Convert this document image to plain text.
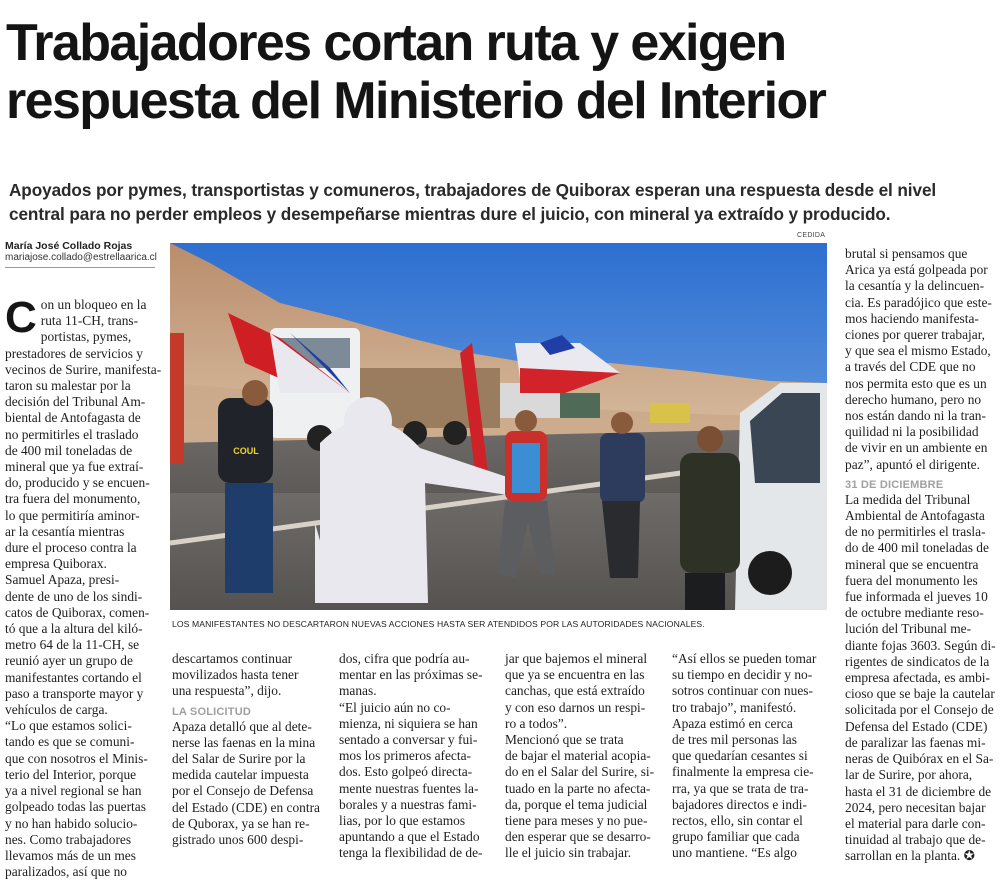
Trabajadores cortan ruta y exigen
respuesta del Ministerio del Interior
Apoyados por pymes, transportistas y comuneros, trabajadores de Quiborax esperan una respuesta desde el nivel
central para no perder empleos y desempeñarse mientras dure el juicio, con mineral ya extraído y producido.
María José Collado Rojas
mariajose.collado@estrellaarica.cl
CEDIDA
COUL
LOS MANIFESTANTES NO DESCARTARON NUEVAS ACCIONES HASTA SER ATENDIDOS POR LAS AUTORIDADES NACIONALES.
C on un bloqueo en la
ruta 11-CH, trans-
portistas, pymes,
prestadores de servicios y
vecinos de Surire, manifesta-
taron su malestar por la
decisión del Tribunal Am-
biental de Antofagasta de
no permitirles el traslado
de 400 mil toneladas de
mineral que ya fue extraí-
do, producido y se encuen-
tra fuera del monumento,
lo que permitiría aminor-
ar la cesantía mientras
dure el proceso contra la
empresa Quiborax.
Samuel Apaza, presi-
dente de uno de los sindi-
catos de Quiborax, comen-
tó que a la altura del kiló-
metro 64 de la 11-CH, se
reunió ayer un grupo de
manifestantes cortando el
paso a transporte mayor y
vehículos de carga.
“Lo que estamos solici-
tando es que se comuni-
que con nosotros el Minis-
terio del Interior, porque
ya a nivel regional se han
golpeado todas las puertas
y no han habido solucio-
nes. Como trabajadores
llevamos más de un mes
paralizados, así que no
descartamos continuar
movilizados hasta tener
una respuesta”, dijo.
LA SOLICITUD
Apaza detalló que al dete-
nerse las faenas en la mina
del Salar de Surire por la
medida cautelar impuesta
por el Consejo de Defensa
del Estado (CDE) en contra
de Quborax, ya se han re-
gistrado unos 600 despi-
dos, cifra que podría au-
mentar en las próximas se-
manas.
“El juicio aún no co-
mienza, ni siquiera se han
sentado a conversar y fui-
mos los primeros afecta-
dos. Esto golpeó directa-
mente nuestras fuentes la-
borales y a nuestras fami-
lias, por lo que estamos
apuntando a que el Estado
tenga la flexibilidad de de-
jar que bajemos el mineral
que ya se encuentra en las
canchas, que está extraído
y con eso darnos un respi-
ro a todos”.
Mencionó que se trata
de bajar el material acopia-
do en el Salar del Surire, si-
tuado en la parte no afecta-
da, porque el tema judicial
tiene para meses y no pue-
den esperar que se desarro-
lle el juicio sin trabajar.
“Así ellos se pueden tomar
su tiempo en decidir y no-
sotros continuar con nues-
tro trabajo”, manifestó.
Apaza estimó en cerca
de tres mil personas las
que quedarían cesantes si
finalmente la empresa cie-
rra, ya que se trata de tra-
bajadores directos e indi-
rectos, ello, sin contar el
grupo familiar que cada
uno mantiene. “Es algo
brutal si pensamos que
Arica ya está golpeada por
la cesantía y la delincuen-
cia. Es paradójico que este-
mos haciendo manifesta-
ciones por querer trabajar,
y que sea el mismo Estado,
a través del CDE que no
nos permita esto que es un
derecho humano, pero no
nos están dando ni la tran-
quilidad ni la posibilidad
de vivir en un ambiente en
paz”, apuntó el dirigente.
31 DE DICIEMBRE
La medida del Tribunal
Ambiental de Antofagasta
de no permitirles el trasla-
do de 400 mil toneladas de
mineral que se encuentra
fuera del monumento les
fue informada el jueves 10
de octubre mediante reso-
lución del Tribunal me-
diante fojas 3603. Según di-
rigentes de sindicatos de la
empresa afectada, es ambi-
cioso que se baje la cautelar
solicitada por el Consejo de
Defensa del Estado (CDE)
de paralizar las faenas mi-
neras de Quibórax en el Sa-
lar de Surire, por ahora,
hasta el 31 de diciembre de
2024, pero necesitan bajar
el material para darle con-
tinuidad al trabajo que de-
sarrollan en la planta. ✪
